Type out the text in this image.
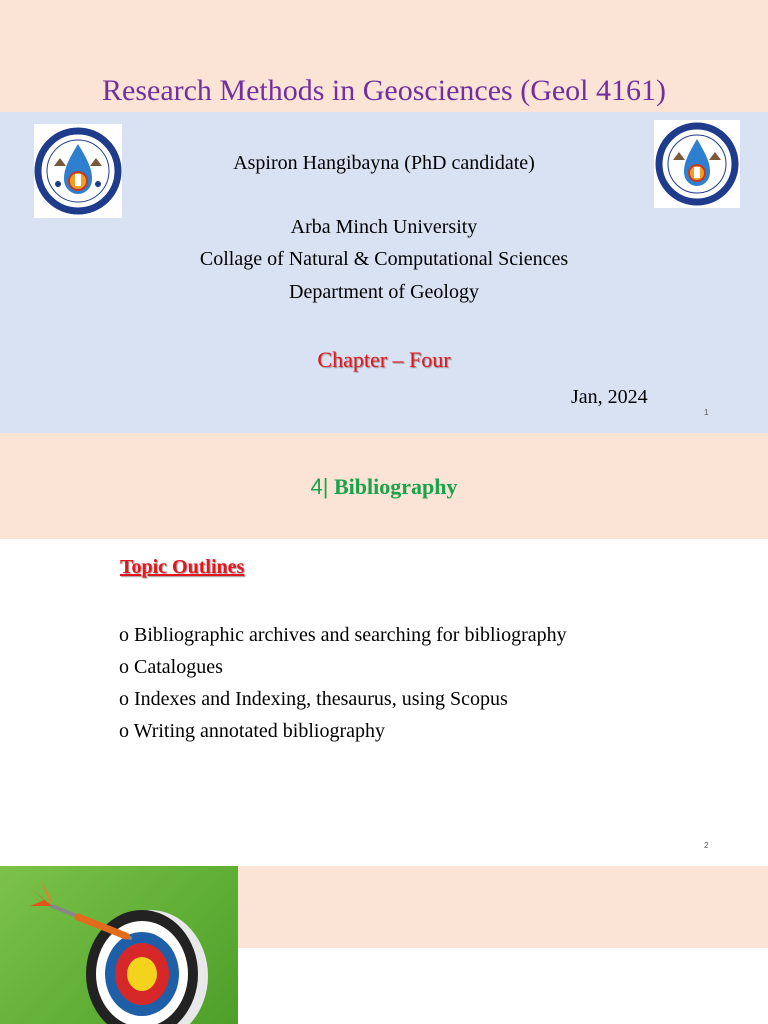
Research Methods in Geosciences (Geol 4161)
Aspiron Hangibayna (PhD candidate)
Arba Minch University
Collage of Natural & Computational Sciences
Department of Geology
Chapter – Four
Jan, 2024
1
4| Bibliography
Topic Outlines
o Bibliographic archives and searching for bibliography
o Catalogues
o Indexes and Indexing, thesaurus, using Scopus
o Writing annotated bibliography
2
